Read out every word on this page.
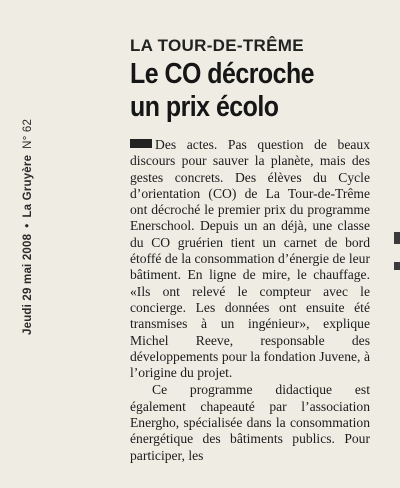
Jeudi 29 mai 2008•La GruyèreN° 62
LA TOUR-DE-TRÊME
Le CO décroche
un prix écolo

Des actes. Pas question de beaux discours pour sauver la planète, mais des gestes concrets. Des élèves du Cycle d’orientation (CO) de La Tour-de-Trême ont décroché le premier prix du programme Enerschool. Depuis un an déjà, une classe du CO gruérien tient un carnet de bord étoffé de la consommation d’énergie de leur bâtiment. En ligne de mire, le chauffage. «Ils ont relevé le compteur avec le concierge. Les données ont ensuite été transmises à un ingénieur», explique Michel Reeve, responsable des développements pour la fondation Juvene, à l’origine du projet.

Ce programme didactique est également chapeauté par l’association Energho, spécialisée dans la consommation énergétique des bâtiments publics. Pour participer, les
